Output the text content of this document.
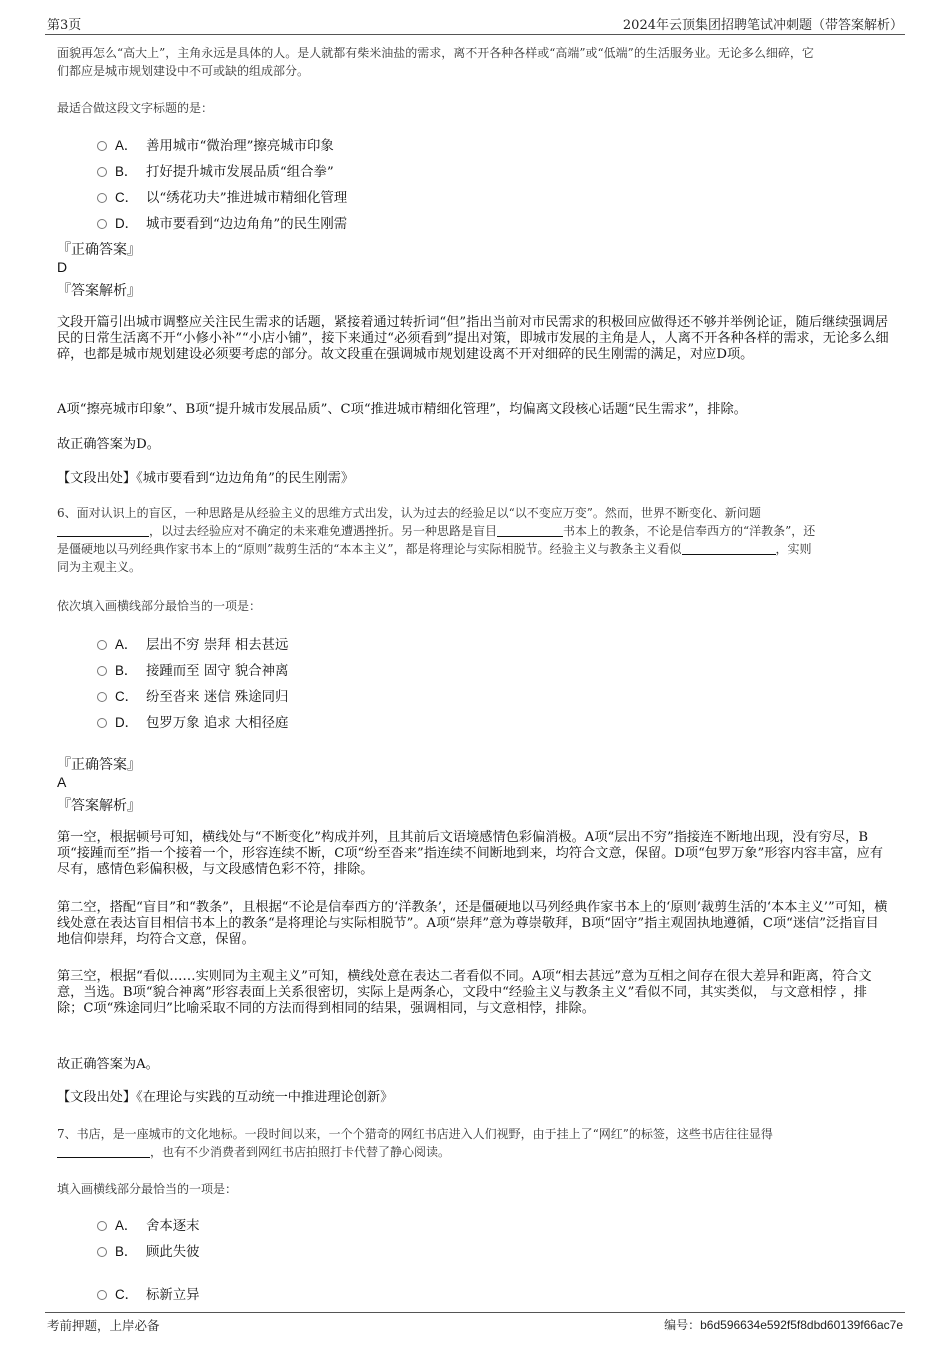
第3页	2024年云顶集团招聘笔试冲刺题（带答案解析）
面貌再怎么“高大上”，主角永远是具体的人。是人就都有柴米油盐的需求，离不开各种各样或“高端”或“低端”的生活服务业。无论多么细碎，它
们都应是城市规划建设中不可或缺的组成部分。
最适合做这段文字标题的是：
A． 善用城市“微治理”擦亮城市印象
B． 打好提升城市发展品质“组合拳”
C． 以“绣花功夫”推进城市精细化管理
D． 城市要看到“边边角角”的民生刚需
『正确答案』
D
『答案解析』
文段开篇引出城市调整应关注民生需求的话题，紧接着通过转折词“但”指出当前对市民需求的积极回应做得还不够并举例论证，随后继续强调居民的日常生活离不开“小修小补”“小店小铺”，接下来通过“必须看到”提出对策，即城市发展的主角是人，人离不开各种各样的需求，无论多么细碎，也都是城市规划建设必须要考虑的部分。故文段重在强调城市规划建设离不开对细碎的民生刚需的满足，对应D项。
A项“擦亮城市印象”、B项“提升城市发展品质”、C项“推进城市精细化管理”，均偏离文段核心话题“民生需求”，排除。
故正确答案为D。
【文段出处】《城市要看到“边边角角”的民生刚需》
6、面对认识上的盲区，一种思路是从经验主义的思维方式出发，认为过去的经验足以“以不变应万变”。然而，世界不断变化、新问题
，以过去经验应对不确定的未来难免遭遇挫折。另一种思路是盲目	书本上的教条，不论是信奉西方的“洋教条”，还
是僵硬地以马列经典作家书本上的“原则”裁剪生活的“本本主义”，都是将理论与实际相脱节。经验主义与教条主义看似	，实则
同为主观主义。
依次填入画横线部分最恰当的一项是：
A． 层出不穷 崇拜 相去甚远
B． 接踵而至 固守 貌合神离
C． 纷至沓来 迷信 殊途同归
D． 包罗万象 追求 大相径庭
『正确答案』
A
『答案解析』
第一空，根据顿号可知，横线处与“不断变化”构成并列，且其前后文语境感情色彩偏消极。A项“层出不穷”指接连不断地出现，没有穷尽，B项“接踵而至”指一个接着一个，形容连续不断，C项“纷至沓来”指连续不间断地到来，均符合文意，保留。D项“包罗万象”形容内容丰富，应有尽有，感情色彩偏积极，与文段感情色彩不符，排除。
第二空，搭配“盲目”和“教条”，且根据“不论是信奉西方的‘洋教条’，还是僵硬地以马列经典作家书本上的‘原则’裁剪生活的‘本本主义’”可知，横线处意在表达盲目相信书本上的教条“是将理论与实际相脱节”。A项“崇拜”意为尊崇敬拜，B项“固守”指主观固执地遵循，C项“迷信”泛指盲目地信仰崇拜，均符合文意，保留。
第三空，根据“看似……实则同为主观主义”可知，横线处意在表达二者看似不同。A项“相去甚远”意为互相之间存在很大差异和距离，符合文意，当选。B项“貌合神离”形容表面上关系很密切，实际上是两条心，文段中“经验主义与教条主义”看似不同，其实类似， 与文意相悖 ，排除；C项“殊途同归”比喻采取不同的方法而得到相同的结果，强调相同，与文意相悖，排除。
故正确答案为A。
【文段出处】《在理论与实践的互动统一中推进理论创新》
7、书店，是一座城市的文化地标。一段时间以来，一个个猎奇的网红书店进入人们视野，由于挂上了“网红”的标签，这些书店往往显得
，也有不少消费者到网红书店拍照打卡代替了静心阅读。
填入画横线部分最恰当的一项是：
A． 舍本逐末
B． 顾此失彼
C． 标新立异
考前押题，上岸必备	编号：b6d596634e592f5f8dbd60139f66ac7e
